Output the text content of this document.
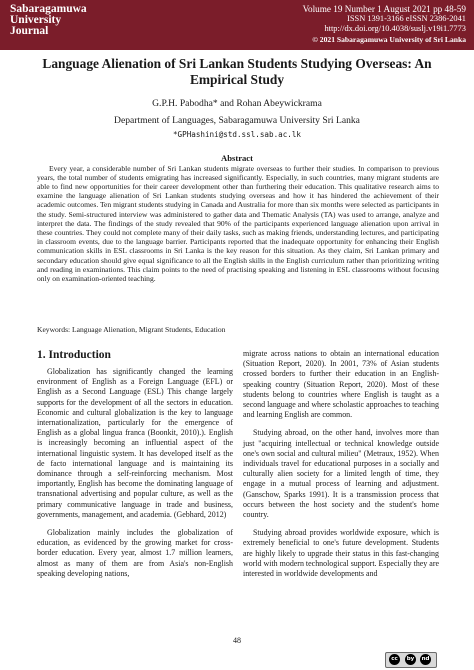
Sabaragamuwa
University
Journal
Volume 19 Number 1 August 2021 pp 48-59
ISSN 1391-3166 eISSN 2386-2041
http://dx.doi.org/10.4038/suslj.v19i1.7773
© 2021 Sabaragamuwa University of Sri Lanka
Language Alienation of Sri Lankan Students Studying Overseas: An
Empirical Study
G.P.H. Pabodha* and Rohan Abeywickrama
Department of Languages, Sabaragamuwa University Sri Lanka
*GPHashini@std.ssl.sab.ac.lk
Abstract

Every year, a considerable number of Sri Lankan students migrate overseas to further their studies. In comparison to previous years, the total number of students emigrating has increased significantly. Especially, in such countries, many migrant students are able to find new opportunities for their career development other than furthering their education. This qualitative research aims to examine the language alienation of Sri Lankan students studying overseas and how it has hindered the achievement of their academic outcomes. Ten migrant students studying in Canada and Australia for more than six months were selected as participants in the study. Semi-structured interview was administered to gather data and Thematic Analysis (TA) was used to arrange, analyze and interpret the data. The findings of the study revealed that 90% of the participants experienced language alienation upon arrival in these countries. They could not complete many of their daily tasks, such as making friends, understanding lectures, and participating in classroom events, due to the language barrier. Participants reported that the inadequate opportunity for enhancing their English communication skills in ESL classrooms in Sri Lanka is the key reason for this situation. As they claim, Sri Lankan primary and secondary education should give equal significance to all the English skills in the English curriculum rather than prioritizing writing and reading in examinations. This claim points to the need of practising speaking and listening in ESL classrooms without focusing only on examination-oriented teaching.

Keywords: Language Alienation, Migrant Students, Education
1. Introduction

Globalization has significantly changed the learning environment of English as a Foreign Language (EFL) or English as a Second Language (ESL) This change largely supports for the development of all the sectors in education. Economic and cultural globalization is the key to language internationalization, particularly for the emergence of English as a global lingua franca (Boonkit, 2010).). English is increasingly becoming an influential aspect of the international linguistic system. It has developed itself as the de facto international language and is maintaining its dominance through a self-reinforcing mechanism. Most importantly, English has become the dominating language of transnational advertising and popular culture, as well as the primary communicative language in trade and business, governments, management, and academia. (Gebhard, 2012)

Globalization mainly includes the globalization of education, as evidenced by the growing market for cross-border education. Every year, almost 1.7 million learners, almost as many of them are from Asia's non-English speaking developing nations,

migrate across nations to obtain an international education (Situation Report, 2020). In 2001, 73% of Asian students crossed borders to further their education in an English-speaking country (Situation Report, 2020). Most of these students belong to countries where English is taught as a second language and where scholastic approaches to teaching and learning English are common.

Studying abroad, on the other hand, involves more than just "acquiring intellectual or technical knowledge outside one's own social and cultural milieu" (Metraux, 1952). When individuals travel for educational purposes in a socially and culturally alien society for a limited length of time, they engage in a mutual process of learning and adjustment. (Ganschow, Sparks 1991). It is a transmission process that occurs between the host society and the student's home country.

Studying abroad provides worldwide exposure, which is extremely beneficial to one's future development. Students are highly likely to upgrade their status in this fast-changing world with modern technological support. Especially they are interested in worldwide developments and

48
cc	by	nd
